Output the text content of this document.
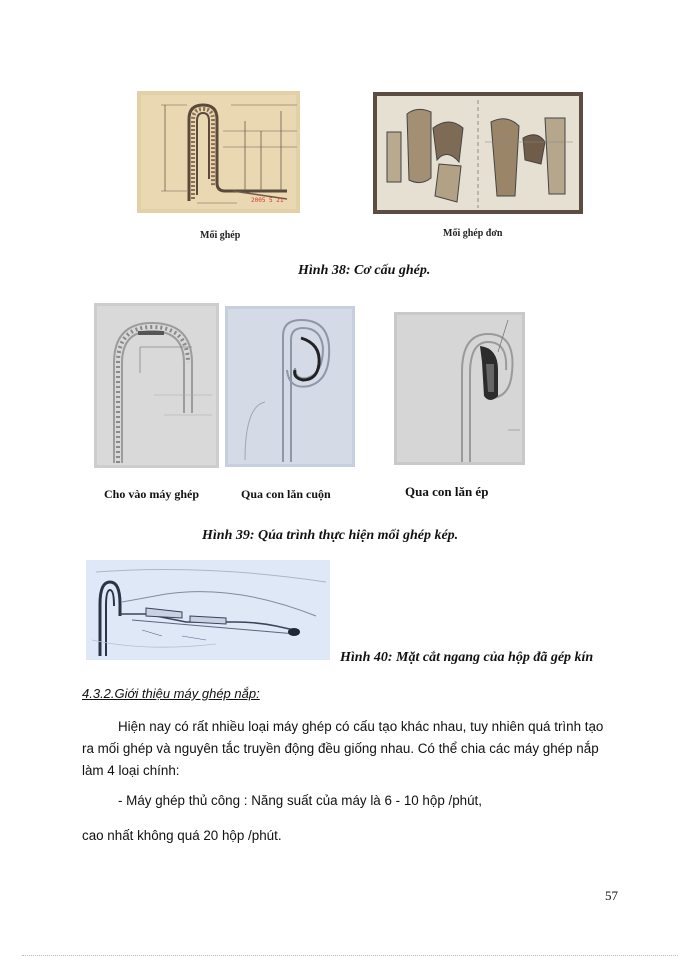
2005 5 21
Mối ghép	Mối ghép đơn
Hình 38: Cơ cấu ghép.
Cho vào máy ghép	Qua con lăn cuộn	Qua con lăn ép
Hình 39: Qúa trình thực hiện mối ghép kép.
Hình 40: Mặt cắt ngang của hộp đã gép kín
4.3.2.Giới thiệu máy ghép nắp:
Hiện nay có rất nhiều loại máy ghép có cấu tạo khác nhau, tuy nhiên quá trình tạo
ra mối ghép và nguyên tắc truyền động đều giống nhau. Có thể chia các máy ghép nắp
làm 4 loại chính:
- Máy ghép thủ công : Năng suất của máy là 6 - 10 hộp /phút,
cao nhất không quá 20 hộp /phút.
57
